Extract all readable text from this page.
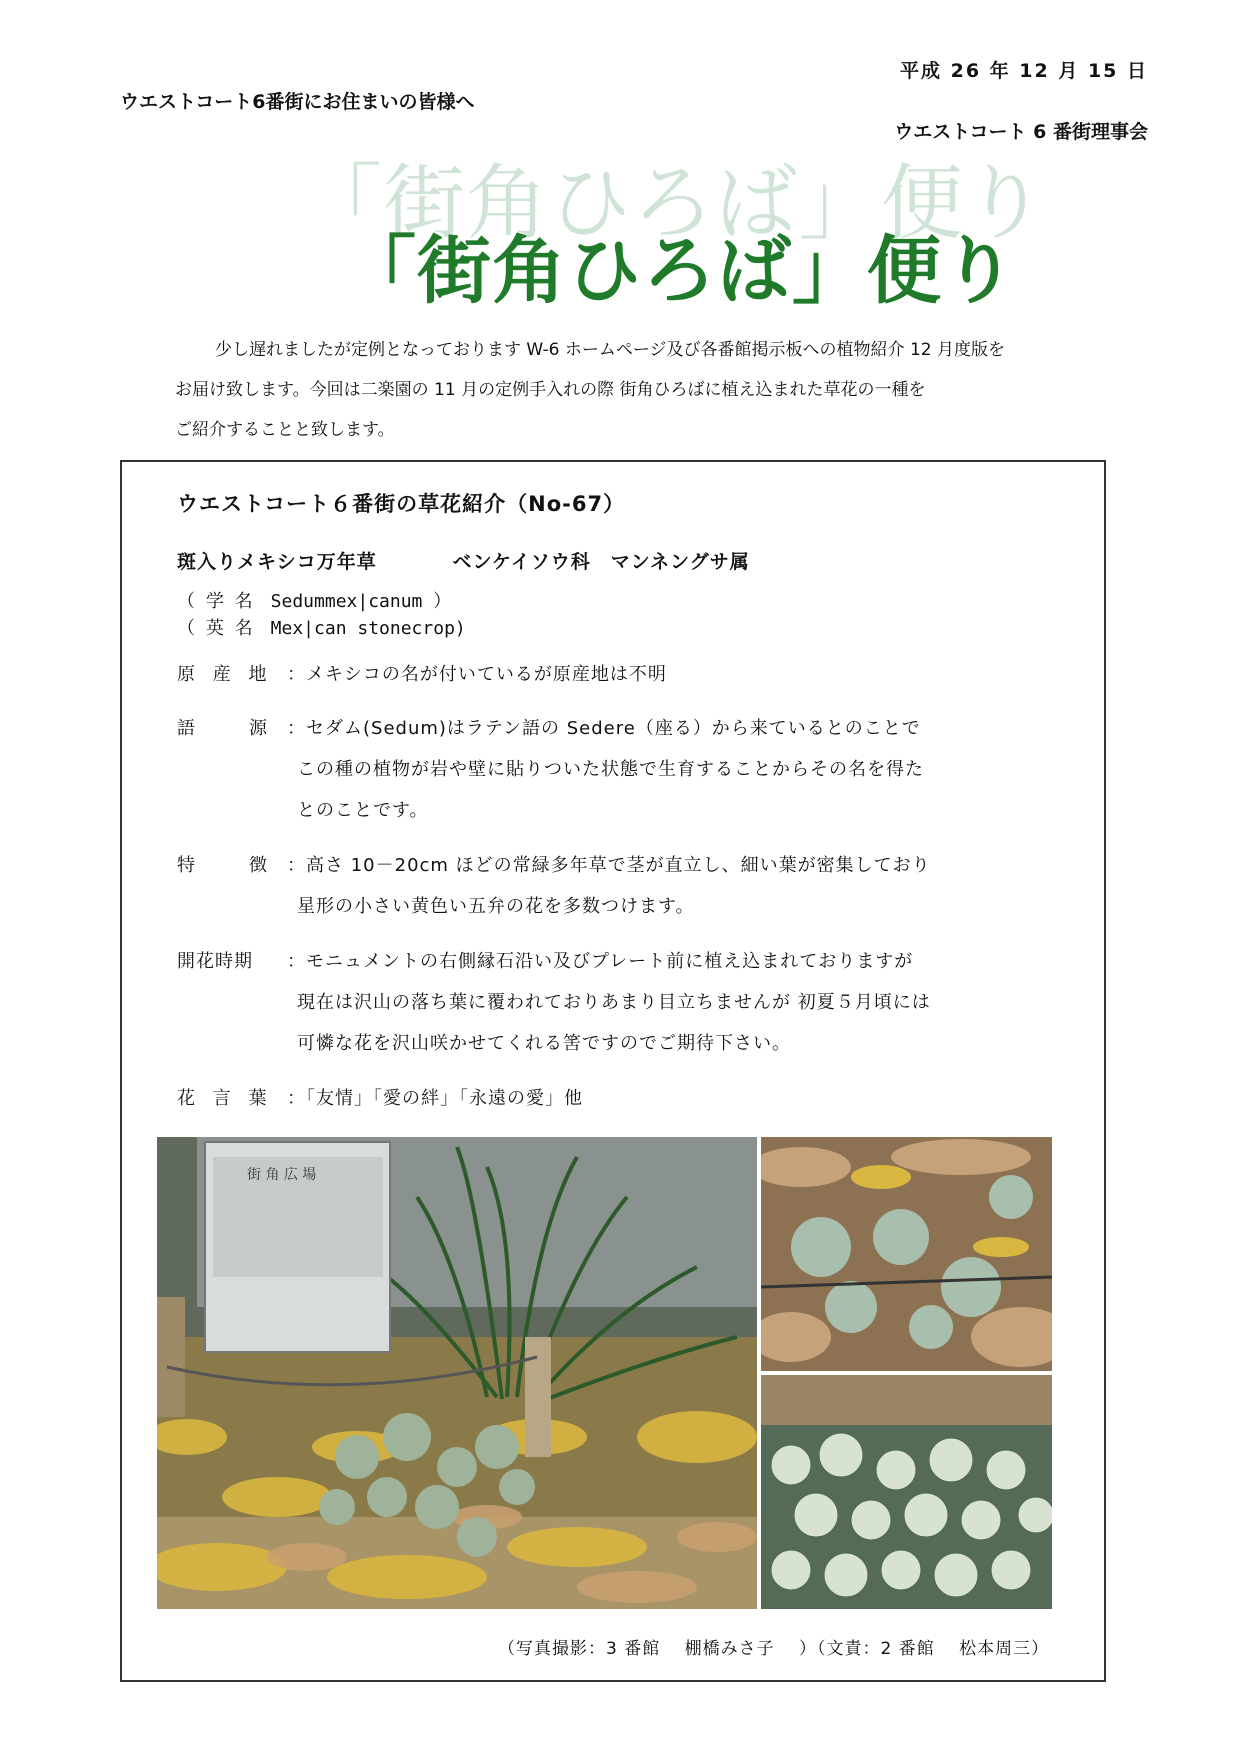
平成 26 年 12 月 15 日
ウエストコート6番街にお住まいの皆様へ
ウエストコート 6 番街理事会
「街角ひろば」便り
「街角ひろば」便り
少し遅れましたが定例となっております W-6 ホームページ及び各番館掲示板への植物紹介 12 月度版を
お届け致します。今回は二楽園の 11 月の定例手入れの際 街角ひろばに植え込まれた草花の一種を
ご紹介することと致します。
ウエストコート６番街の草花紹介（No-67）
斑入りメキシコ万年草	ベンケイソウ科　マンネングサ属
（ 学 名　Sedummex|canum ）
（ 英 名　Mex|can stonecrop)
原 産 地 ：メキシコの名が付いているが原産地は不明
語　　源 ：セダム(Sedum)はラテン語の Sedere（座る）から来ているとのことで
この種の植物が岩や壁に貼りついた状態で生育することからその名を得た
とのことです。
特　　徴 ：高さ 10－20cm ほどの常緑多年草で茎が直立し、細い葉が密集しており
星形の小さい黄色い五弁の花を多数つけます。
開花時期 ：モニュメントの右側縁石沿い及びプレート前に植え込まれておりますが
現在は沢山の落ち葉に覆われておりあまり目立ちませんが 初夏５月頃には
可憐な花を沢山咲かせてくれる筈ですのでご期待下さい。
花 言 葉 ：「友情」「愛の絆」「永遠の愛」他
街 角 広 場
（写真撮影：3 番館　 棚橋みさ子　 ）（文責：2 番館　 松本周三）
